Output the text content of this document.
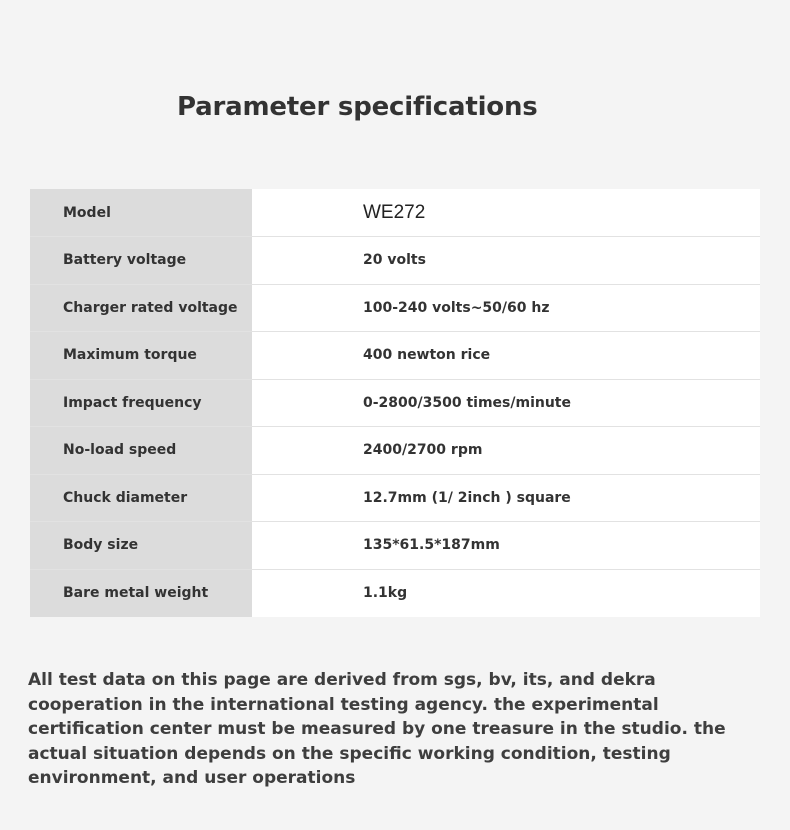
Parameter specifications
Model	WE272
Battery voltage	20 volts
Charger rated voltage	100-240 volts~50/60 hz
Maximum torque	400 newton rice
Impact frequency	0-2800/3500 times/minute
No-load speed	2400/2700 rpm
Chuck diameter	12.7mm (1/ 2inch ) square
Body size	135*61.5*187mm
Bare metal weight	1.1kg

All test data on this page are derived from sgs, bv, its, and dekra cooperation in the international testing agency. the experimental certification center must be measured by one treasure in the studio. the actual situation depends on the specific working condition, testing environment, and user operations
